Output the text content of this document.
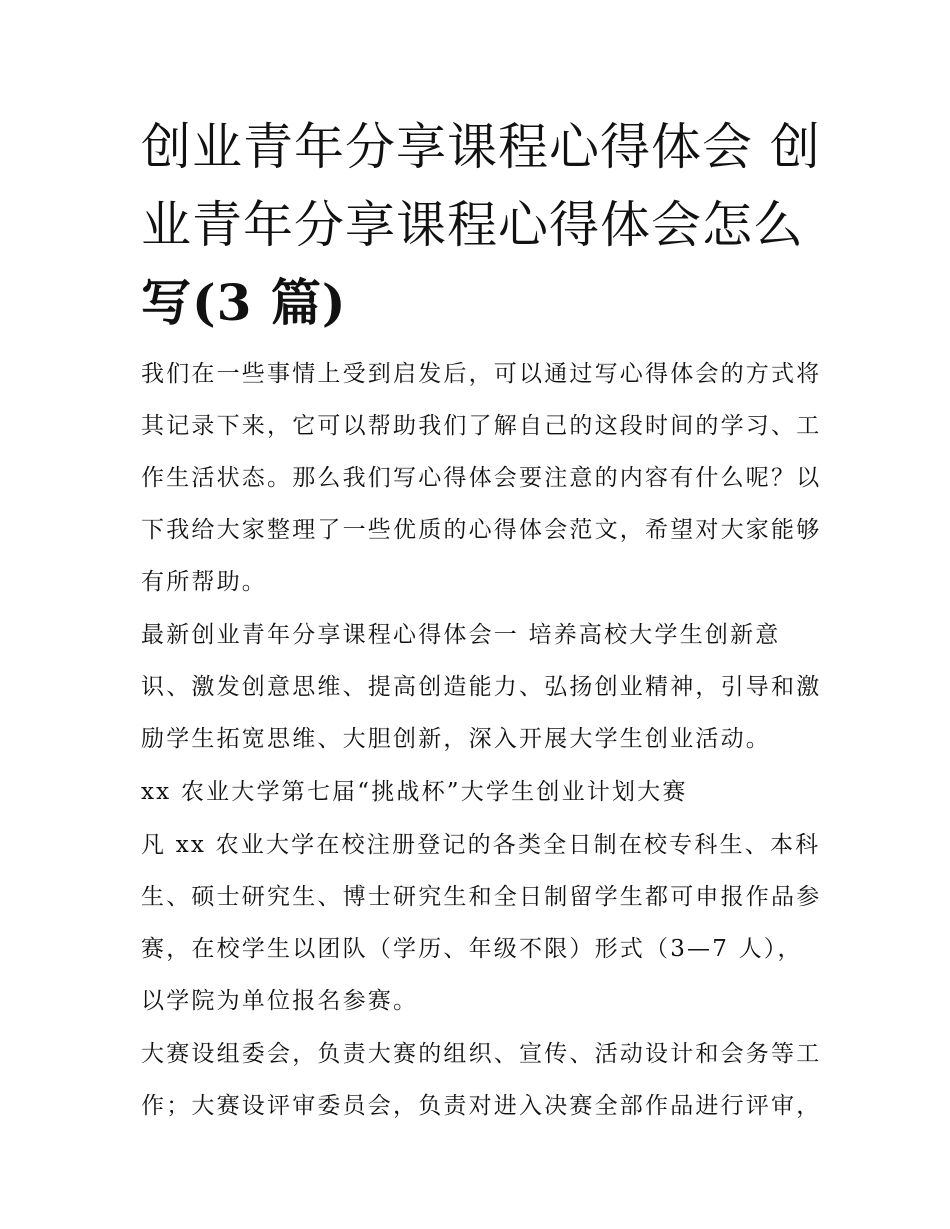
创业青年分享课程心得体会 创
业青年分享课程心得体会怎么
写(3 篇)

我们在一些事情上受到启发后，可以通过写心得体会的方式将
其记录下来，它可以帮助我们了解自己的这段时间的学习、工
作生活状态。那么我们写心得体会要注意的内容有什么呢？以
下我给大家整理了一些优质的心得体会范文，希望对大家能够
有所帮助。

最新创业青年分享课程心得体会一 培养高校大学生创新意
识、激发创意思维、提高创造能力、弘扬创业精神，引导和激
励学生拓宽思维、大胆创新，深入开展大学生创业活动。

xx 农业大学第七届“挑战杯”大学生创业计划大赛

凡 xx 农业大学在校注册登记的各类全日制在校专科生、本科
生、硕士研究生、博士研究生和全日制留学生都可申报作品参
赛，在校学生以团队（学历、年级不限）形式（3—7 人），
以学院为单位报名参赛。

大赛设组委会，负责大赛的组织、宣传、活动设计和会务等工
作；大赛设评审委员会，负责对进入决赛全部作品进行评审，
